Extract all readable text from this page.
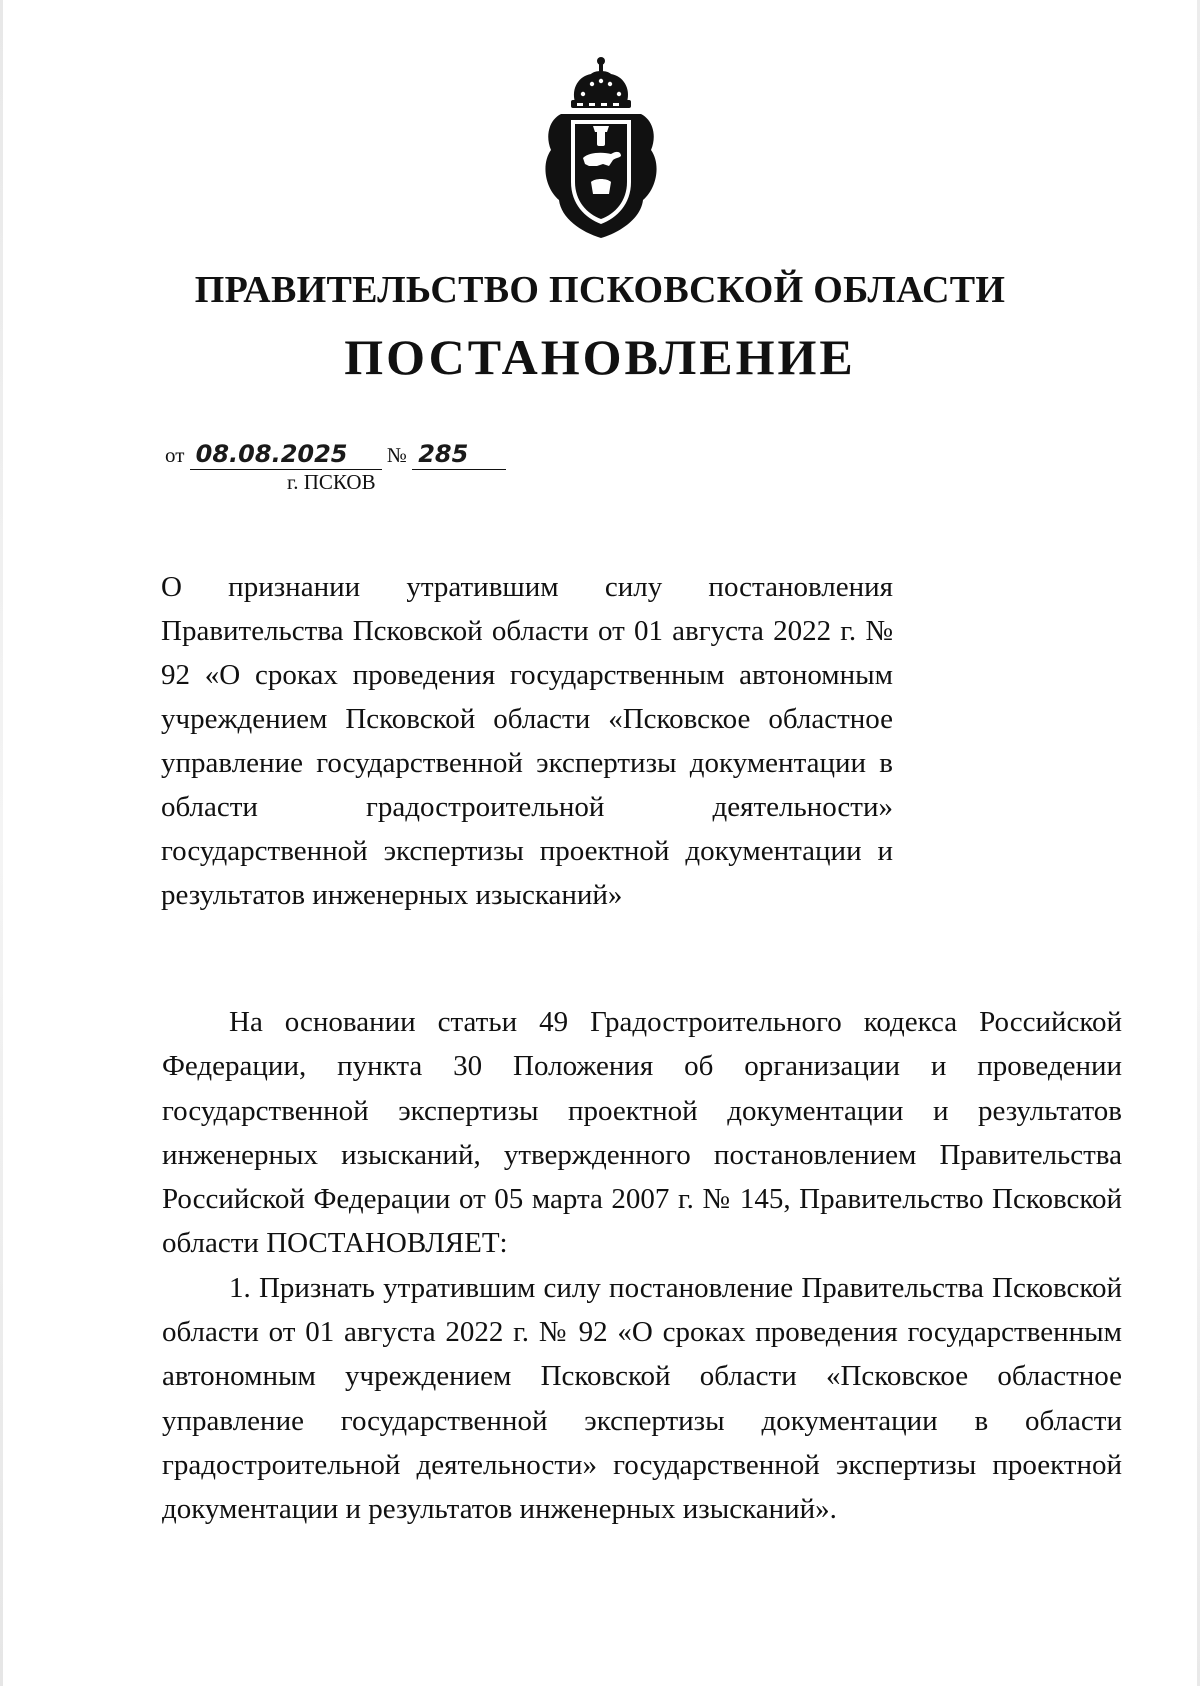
ПРАВИТЕЛЬСТВО ПСКОВСКОЙ ОБЛАСТИ
ПОСТАНОВЛЕНИЕ
от 08.08.2025 № 285
г. ПСКОВ
О признании утратившим силу постановления Правительства Псковской области от 01 августа 2022 г. № 92 «О сроках проведения государственным автономным учреждением Псковской области «Псковское областное управление государственной экспертизы документации в области градостроительной деятельности» государственной экспертизы проектной документации и результатов инженерных изысканий»

На основании статьи 49 Градостроительного кодекса Российской Федерации, пункта 30 Положения об организации и проведении государственной экспертизы проектной документации и результатов инженерных изысканий, утвержденного постановлением Правительства Российской Федерации от 05 марта 2007 г. № 145, Правительство Псковской области ПОСТАНОВЛЯЕТ:

1. Признать утратившим силу постановление Правительства Псковской области от 01 августа 2022 г. № 92 «О сроках проведения государственным автономным учреждением Псковской области «Псковское областное управление государственной экспертизы документации в области градостроительной деятельности» государственной экспертизы проектной документации и результатов инженерных изысканий».
